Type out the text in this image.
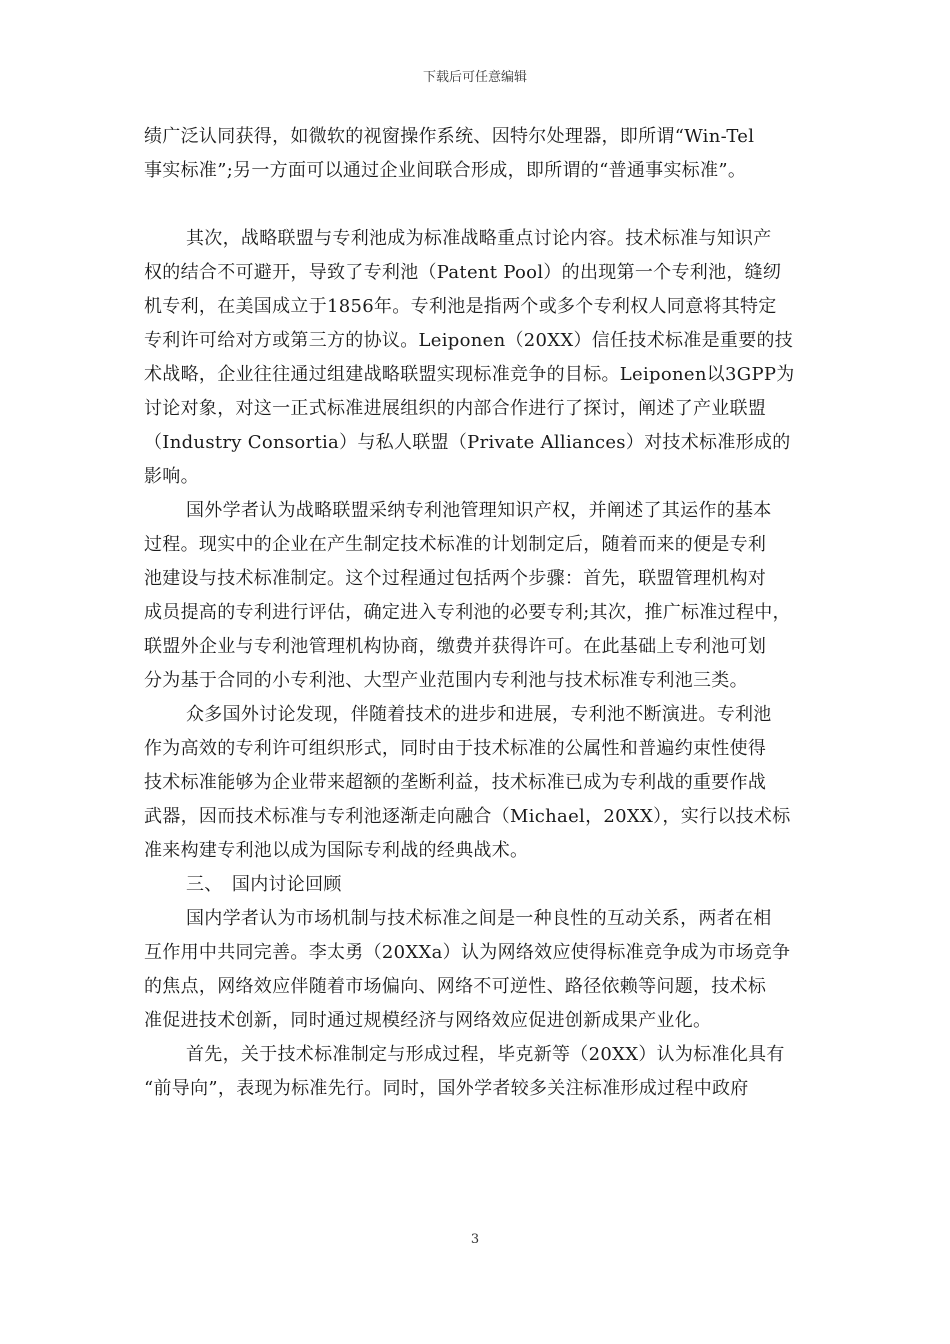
下载后可任意编辑
绩广泛认同获得，如微软的视窗操作系统、因特尔处理器，即所谓“Win-Tel
事实标准”;另一方面可以通过企业间联合形成，即所谓的“普通事实标准”。
其次，战略联盟与专利池成为标准战略重点讨论内容。技术标准与知识产
权的结合不可避开，导致了专利池（Patent Pool）的出现第一个专利池，缝纫
机专利，在美国成立于1856年。专利池是指两个或多个专利权人同意将其特定
专利许可给对方或第三方的协议。Leiponen（20XX）信任技术标准是重要的技
术战略，企业往往通过组建战略联盟实现标准竞争的目标。Leiponen以3GPP为
讨论对象，对这一正式标准进展组织的内部合作进行了探讨，阐述了产业联盟
（Industry Consortia）与私人联盟（Private Alliances）对技术标准形成的
影响。
国外学者认为战略联盟采纳专利池管理知识产权，并阐述了其运作的基本
过程。现实中的企业在产生制定技术标准的计划制定后，随着而来的便是专利
池建设与技术标准制定。这个过程通过包括两个步骤：首先，联盟管理机构对
成员提高的专利进行评估，确定进入专利池的必要专利;其次，推广标准过程中，
联盟外企业与专利池管理机构协商，缴费并获得许可。在此基础上专利池可划
分为基于合同的小专利池、大型产业范围内专利池与技术标准专利池三类。
众多国外讨论发现，伴随着技术的进步和进展，专利池不断演进。专利池
作为高效的专利许可组织形式，同时由于技术标准的公属性和普遍约束性使得
技术标准能够为企业带来超额的垄断利益，技术标准已成为专利战的重要作战
武器，因而技术标准与专利池逐渐走向融合（Michael，20XX），实行以技术标
准来构建专利池以成为国际专利战的经典战术。
三、　国内讨论回顾
国内学者认为市场机制与技术标准之间是一种良性的互动关系，两者在相
互作用中共同完善。李太勇（20XXa）认为网络效应使得标准竞争成为市场竞争
的焦点，网络效应伴随着市场偏向、网络不可逆性、路径依赖等问题，技术标
准促进技术创新，同时通过规模经济与网络效应促进创新成果产业化。
首先，关于技术标准制定与形成过程，毕克新等（20XX）认为标准化具有
“前导向”，表现为标准先行。同时，国外学者较多关注标准形成过程中政府
3
